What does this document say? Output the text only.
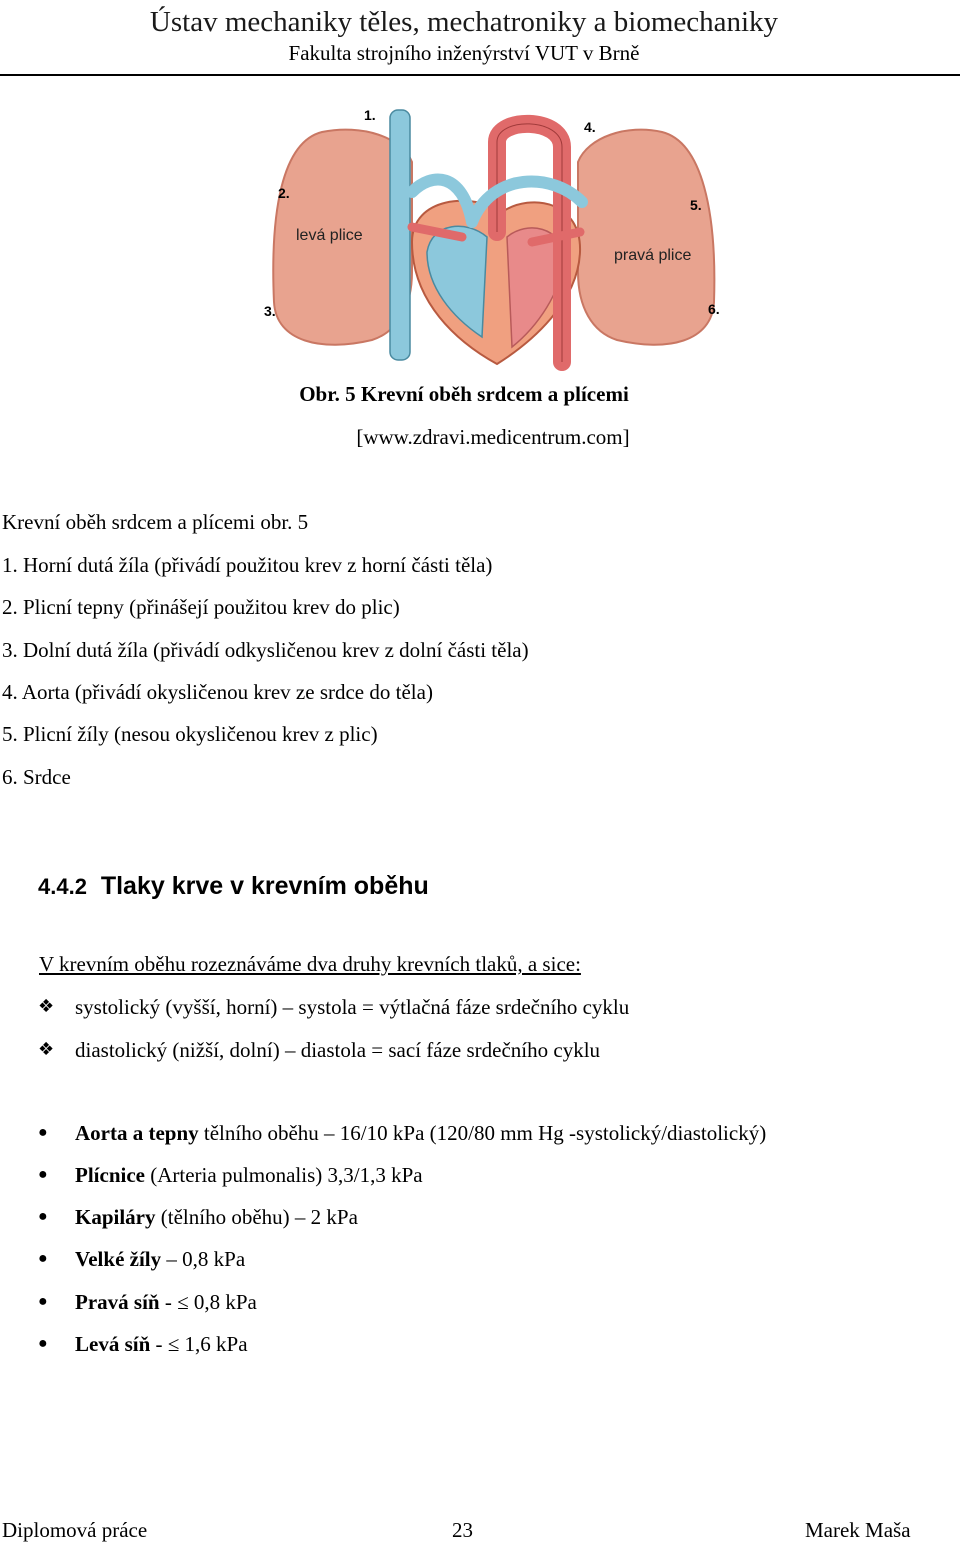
Ústav mechaniky těles, mechatroniky a biomechaniky
Fakulta strojního inženýrství VUT v Brně
1.
2.
3.
4.
5.
6.
levá plice
pravá plice
Obr. 5 Krevní oběh srdcem a plícemi
[www.zdravi.medicentrum.com]
Krevní oběh srdcem a plícemi obr. 5
1. Horní dutá žíla (přivádí použitou krev z horní části těla)
2. Plicní tepny (přinášejí použitou krev do plic)
3. Dolní dutá žíla (přivádí odkysličenou krev z dolní části těla)
4. Aorta (přivádí okysličenou krev ze srdce do těla)
5. Plicní žíly (nesou okysličenou krev z plic)
6. Srdce
4.4.2 Tlaky krve v krevním oběhu
V krevním oběhu rozeznáváme dva druhy krevních tlaků, a sice:
❖ systolický (vyšší, horní) – systola = výtlačná fáze srdečního cyklu
❖ diastolický (nižší, dolní) – diastola = sací fáze srdečního cyklu
● Aorta a tepny tělního oběhu – 16/10 kPa (120/80 mm Hg -systolický/diastolický)
● Plícnice (Arteria pulmonalis) 3,3/1,3 kPa
● Kapiláry (tělního oběhu) – 2 kPa
● Velké žíly – 0,8 kPa
● Pravá síň - ≤ 0,8 kPa
● Levá síň - ≤ 1,6 kPa
Diplomová práce	23	Marek Maša
